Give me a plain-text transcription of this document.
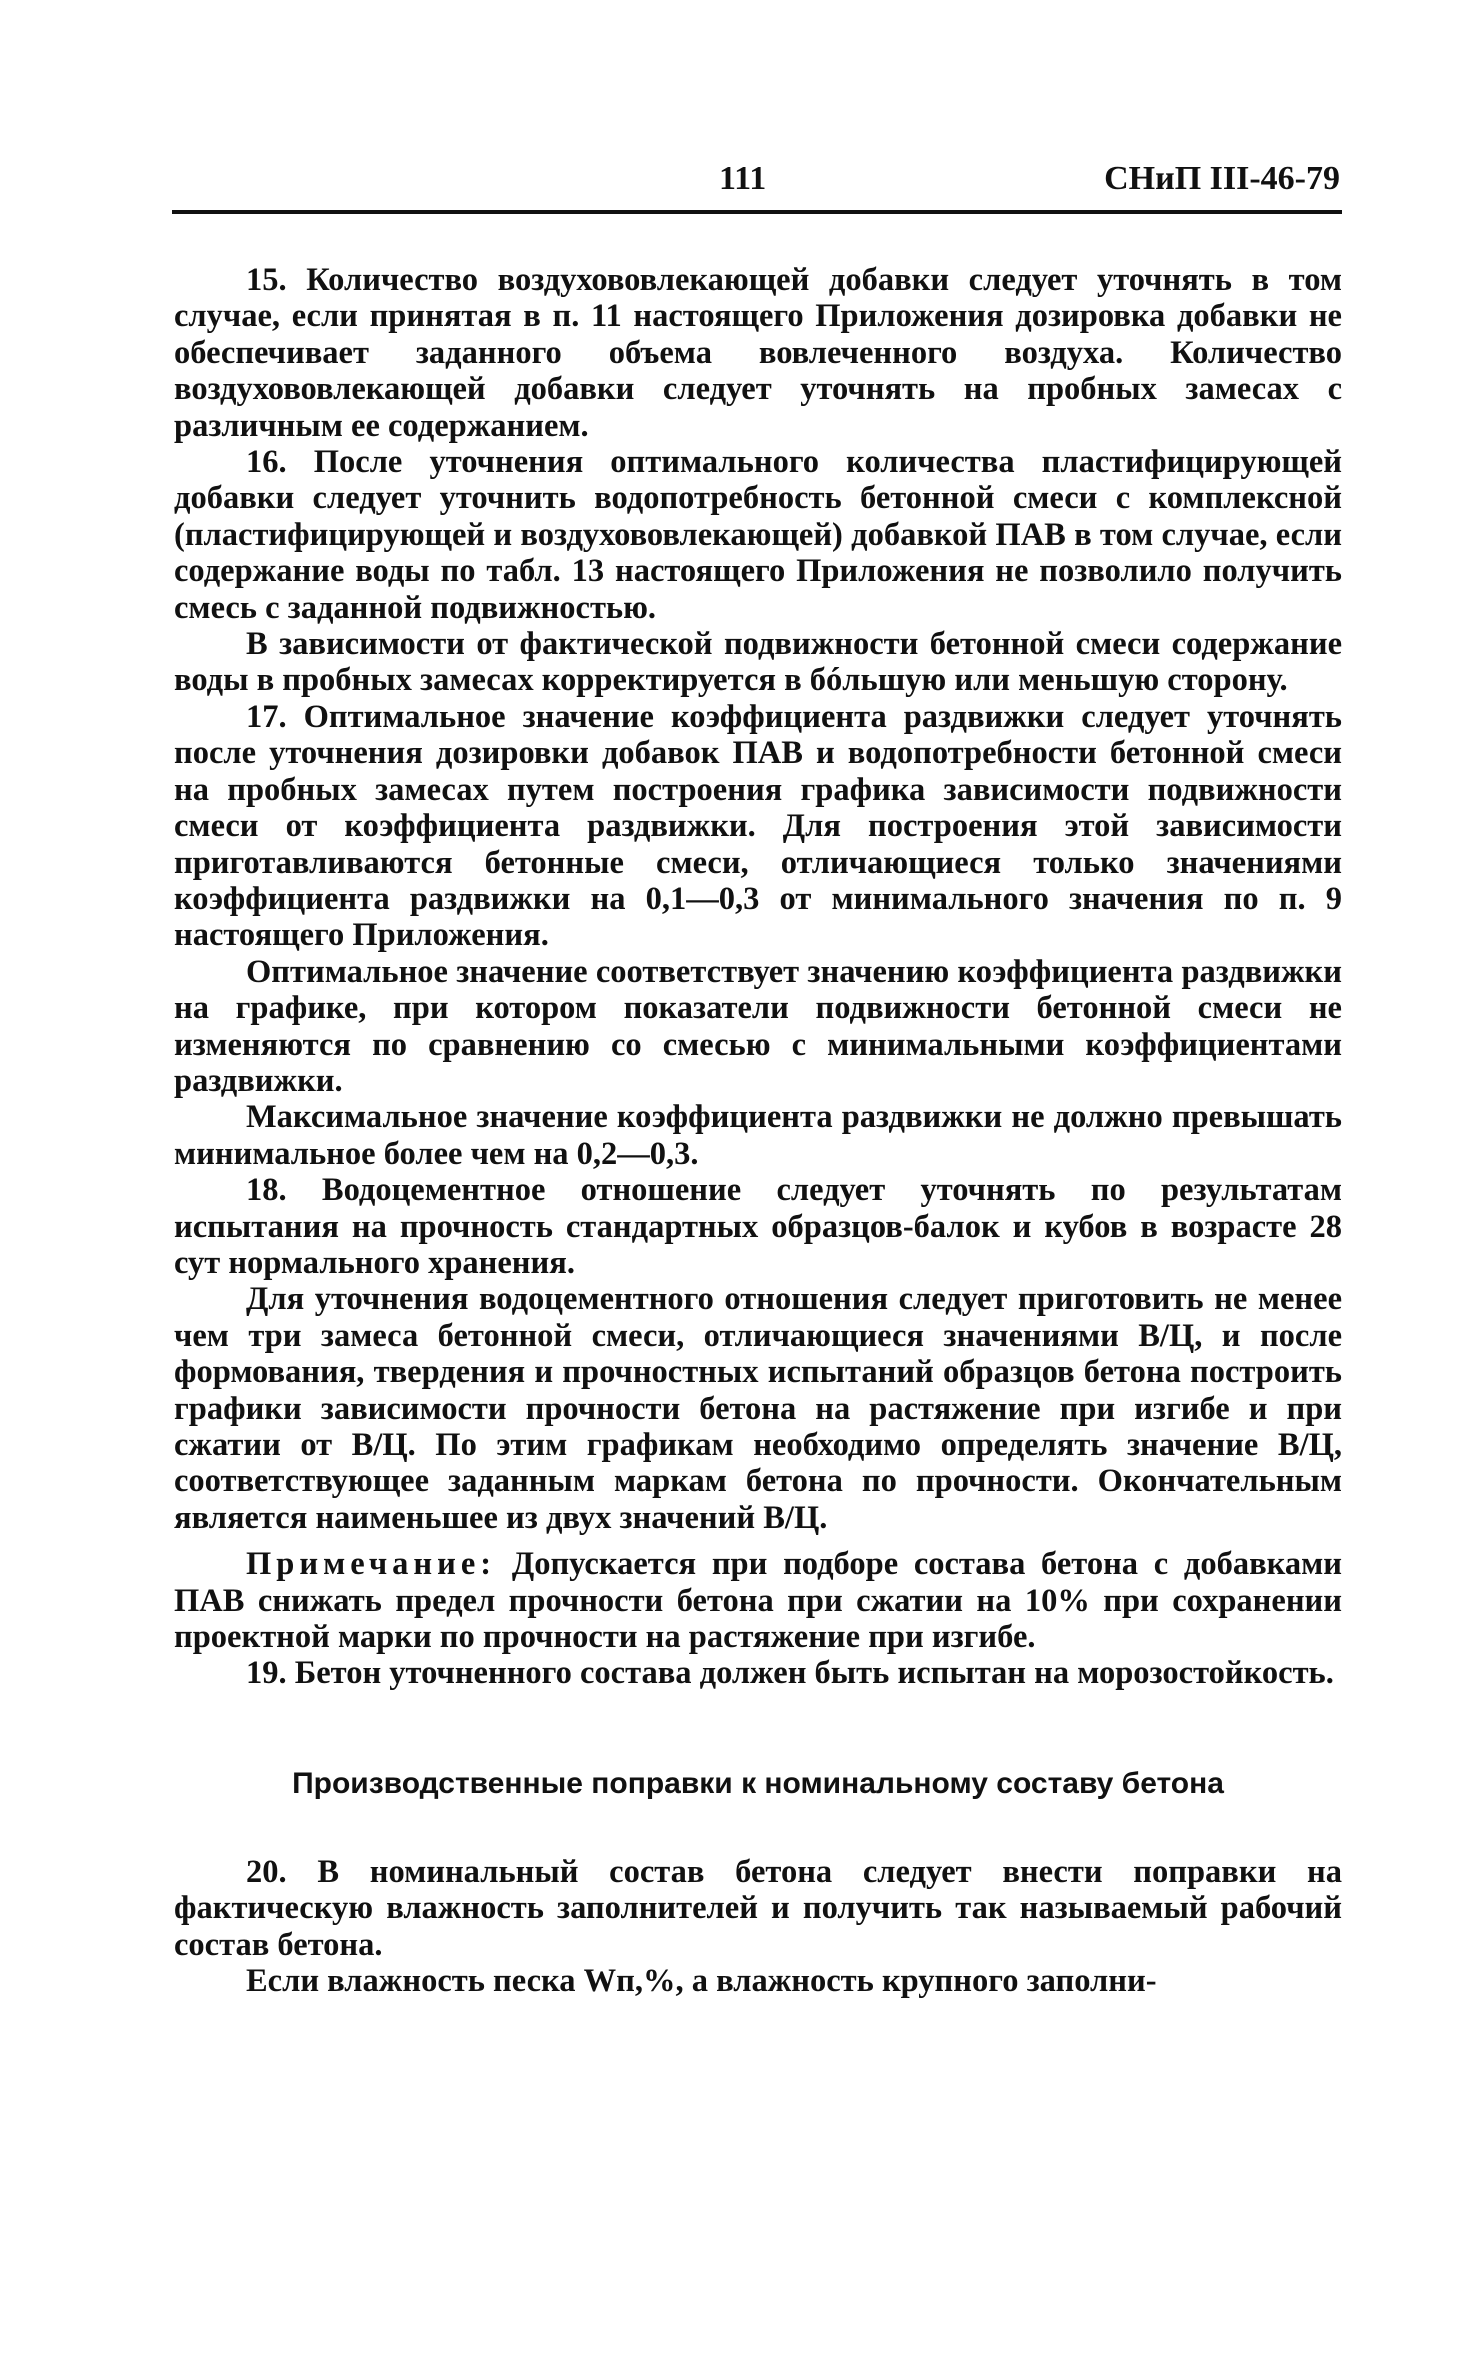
111	СНиП III-46-79

15. Количество воздухововлекающей добавки следует уточнять в том случае, если принятая в п. 11 настоящего Приложения дозировка добавки не обеспечивает заданного объема вовлеченного воздуха. Количество воздухововлекающей добавки следует уточнять на пробных замесах с различным ее содержанием.

16. После уточнения оптимального количества пластифицирующей добавки следует уточнить водопотребность бетонной смеси с комплексной (пластифицирующей и воздухововлекающей) добавкой ПАВ в том случае, если содержание воды по табл. 13 настоящего Приложения не позволило получить смесь с заданной подвижностью.

В зависимости от фактической подвижности бетонной смеси содержание воды в пробных замесах корректируется в бóльшую или меньшую сторону.

17. Оптимальное значение коэффициента раздвижки следует уточнять после уточнения дозировки добавок ПАВ и водопотребности бетонной смеси на пробных замесах путем построения графика зависимости подвижности смеси от коэффициента раздвижки. Для построения этой зависимости приготавливаются бетонные смеси, отличающиеся только значениями коэффициента раздвижки на 0,1—0,3 от минимального значения по п. 9 настоящего Приложения.

Оптимальное значение соответствует значению коэффициента раздвижки на графике, при котором показатели подвижности бетонной смеси не изменяются по сравнению со смесью с минимальными коэффициентами раздвижки.

Максимальное значение коэффициента раздвижки не должно превышать минимальное более чем на 0,2—0,3.

18. Водоцементное отношение следует уточнять по результатам испытания на прочность стандартных образцов-балок и кубов в возрасте 28 сут нормального хранения.

Для уточнения водоцементного отношения следует приготовить не менее чем три замеса бетонной смеси, отличающиеся значениями В/Ц, и после формования, твердения и прочностных испытаний образцов бетона построить графики зависимости прочности бетона на растяжение при изгибе и при сжатии от В/Ц. По этим графикам необходимо определять значение В/Ц, соответствующее заданным маркам бетона по прочности. Окончательным является наименьшее из двух значений В/Ц.

Примечание: Допускается при подборе состава бетона с добавками ПАВ снижать предел прочности бетона при сжатии на 10% при сохранении проектной марки по прочности на растяжение при изгибе.

19. Бетон уточненного состава должен быть испытан на морозостойкость.

Производственные поправки к номинальному составу бетона

20. В номинальный состав бетона следует внести поправки на фактическую влажность заполнителей и получить так называемый рабочий состав бетона.

Если влажность песка Wп,%, а влажность крупного заполни-
